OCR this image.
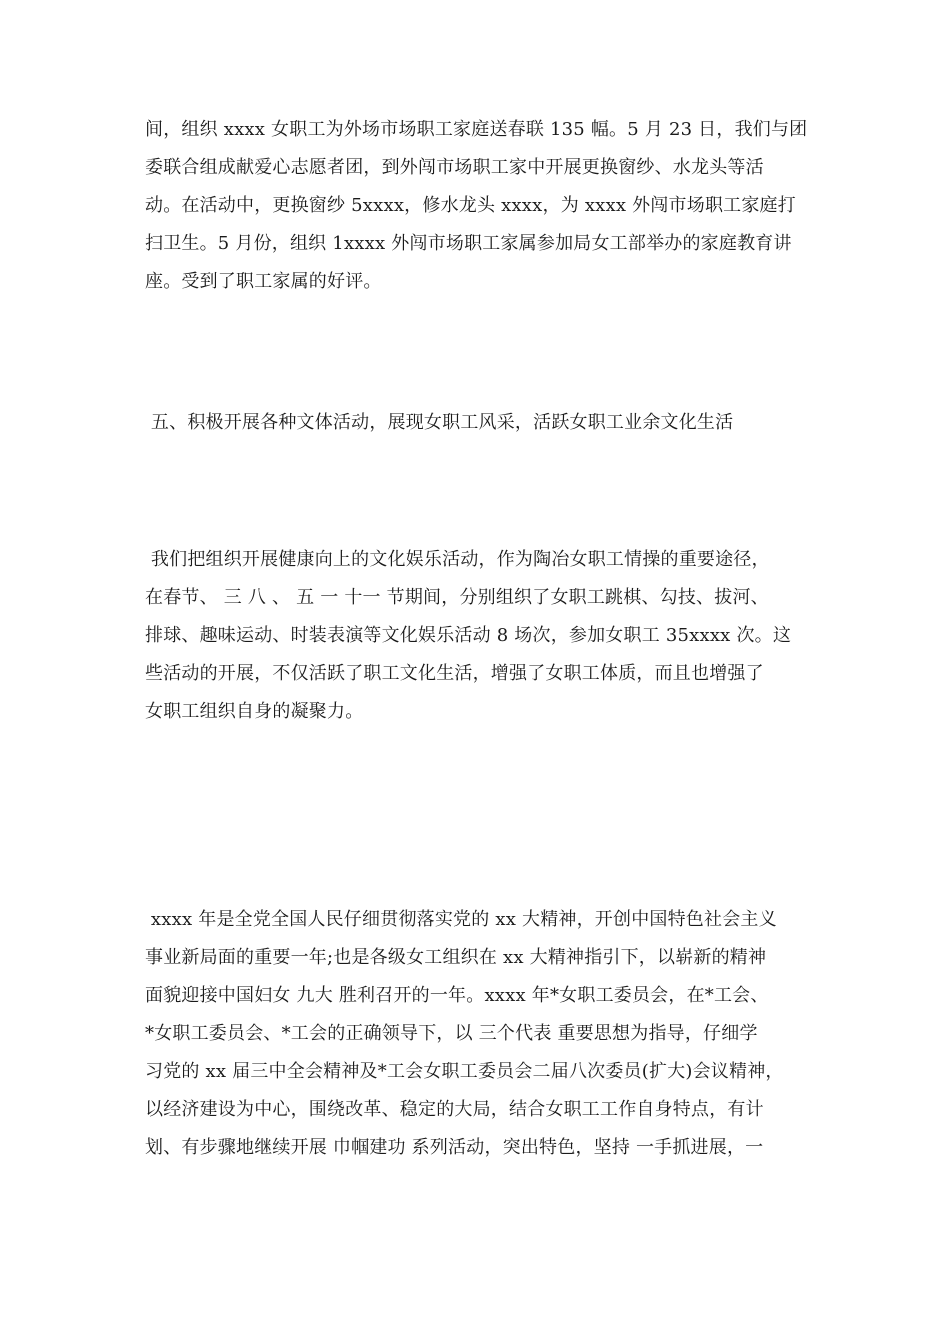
间，组织 xxxx 女职工为外场市场职工家庭送春联 135 幅。5 月 23 日，我们与团
委联合组成献爱心志愿者团，到外闯市场职工家中开展更换窗纱、水龙头等活
动。在活动中，更换窗纱 5xxxx，修水龙头 xxxx，为 xxxx 外闯市场职工家庭打
扫卫生。5 月份，组织 1xxxx 外闯市场职工家属参加局女工部举办的家庭教育讲
座。受到了职工家属的好评。
五、积极开展各种文体活动，展现女职工风采，活跃女职工业余文化生活
我们把组织开展健康向上的文化娱乐活动，作为陶冶女职工情操的重要途径，
在春节、 三 八 、 五 一 十一 节期间，分别组织了女职工跳棋、勾技、拔河、
排球、趣味运动、时装表演等文化娱乐活动 8 场次，参加女职工 35xxxx 次。这
些活动的开展，不仅活跃了职工文化生活，增强了女职工体质，而且也增强了
女职工组织自身的凝聚力。
xxxx 年是全党全国人民仔细贯彻落实党的 xx 大精神，开创中国特色社会主义
事业新局面的重要一年;也是各级女工组织在 xx 大精神指引下，以崭新的精神
面貌迎接中国妇女 九大 胜利召开的一年。xxxx 年*女职工委员会，在*工会、
*女职工委员会、*工会的正确领导下，以 三个代表 重要思想为指导，仔细学
习党的 xx 届三中全会精神及*工会女职工委员会二届八次委员(扩大)会议精神，
以经济建设为中心，围绕改革、稳定的大局，结合女职工工作自身特点，有计
划、有步骤地继续开展 巾帼建功 系列活动，突出特色，坚持 一手抓进展，一
